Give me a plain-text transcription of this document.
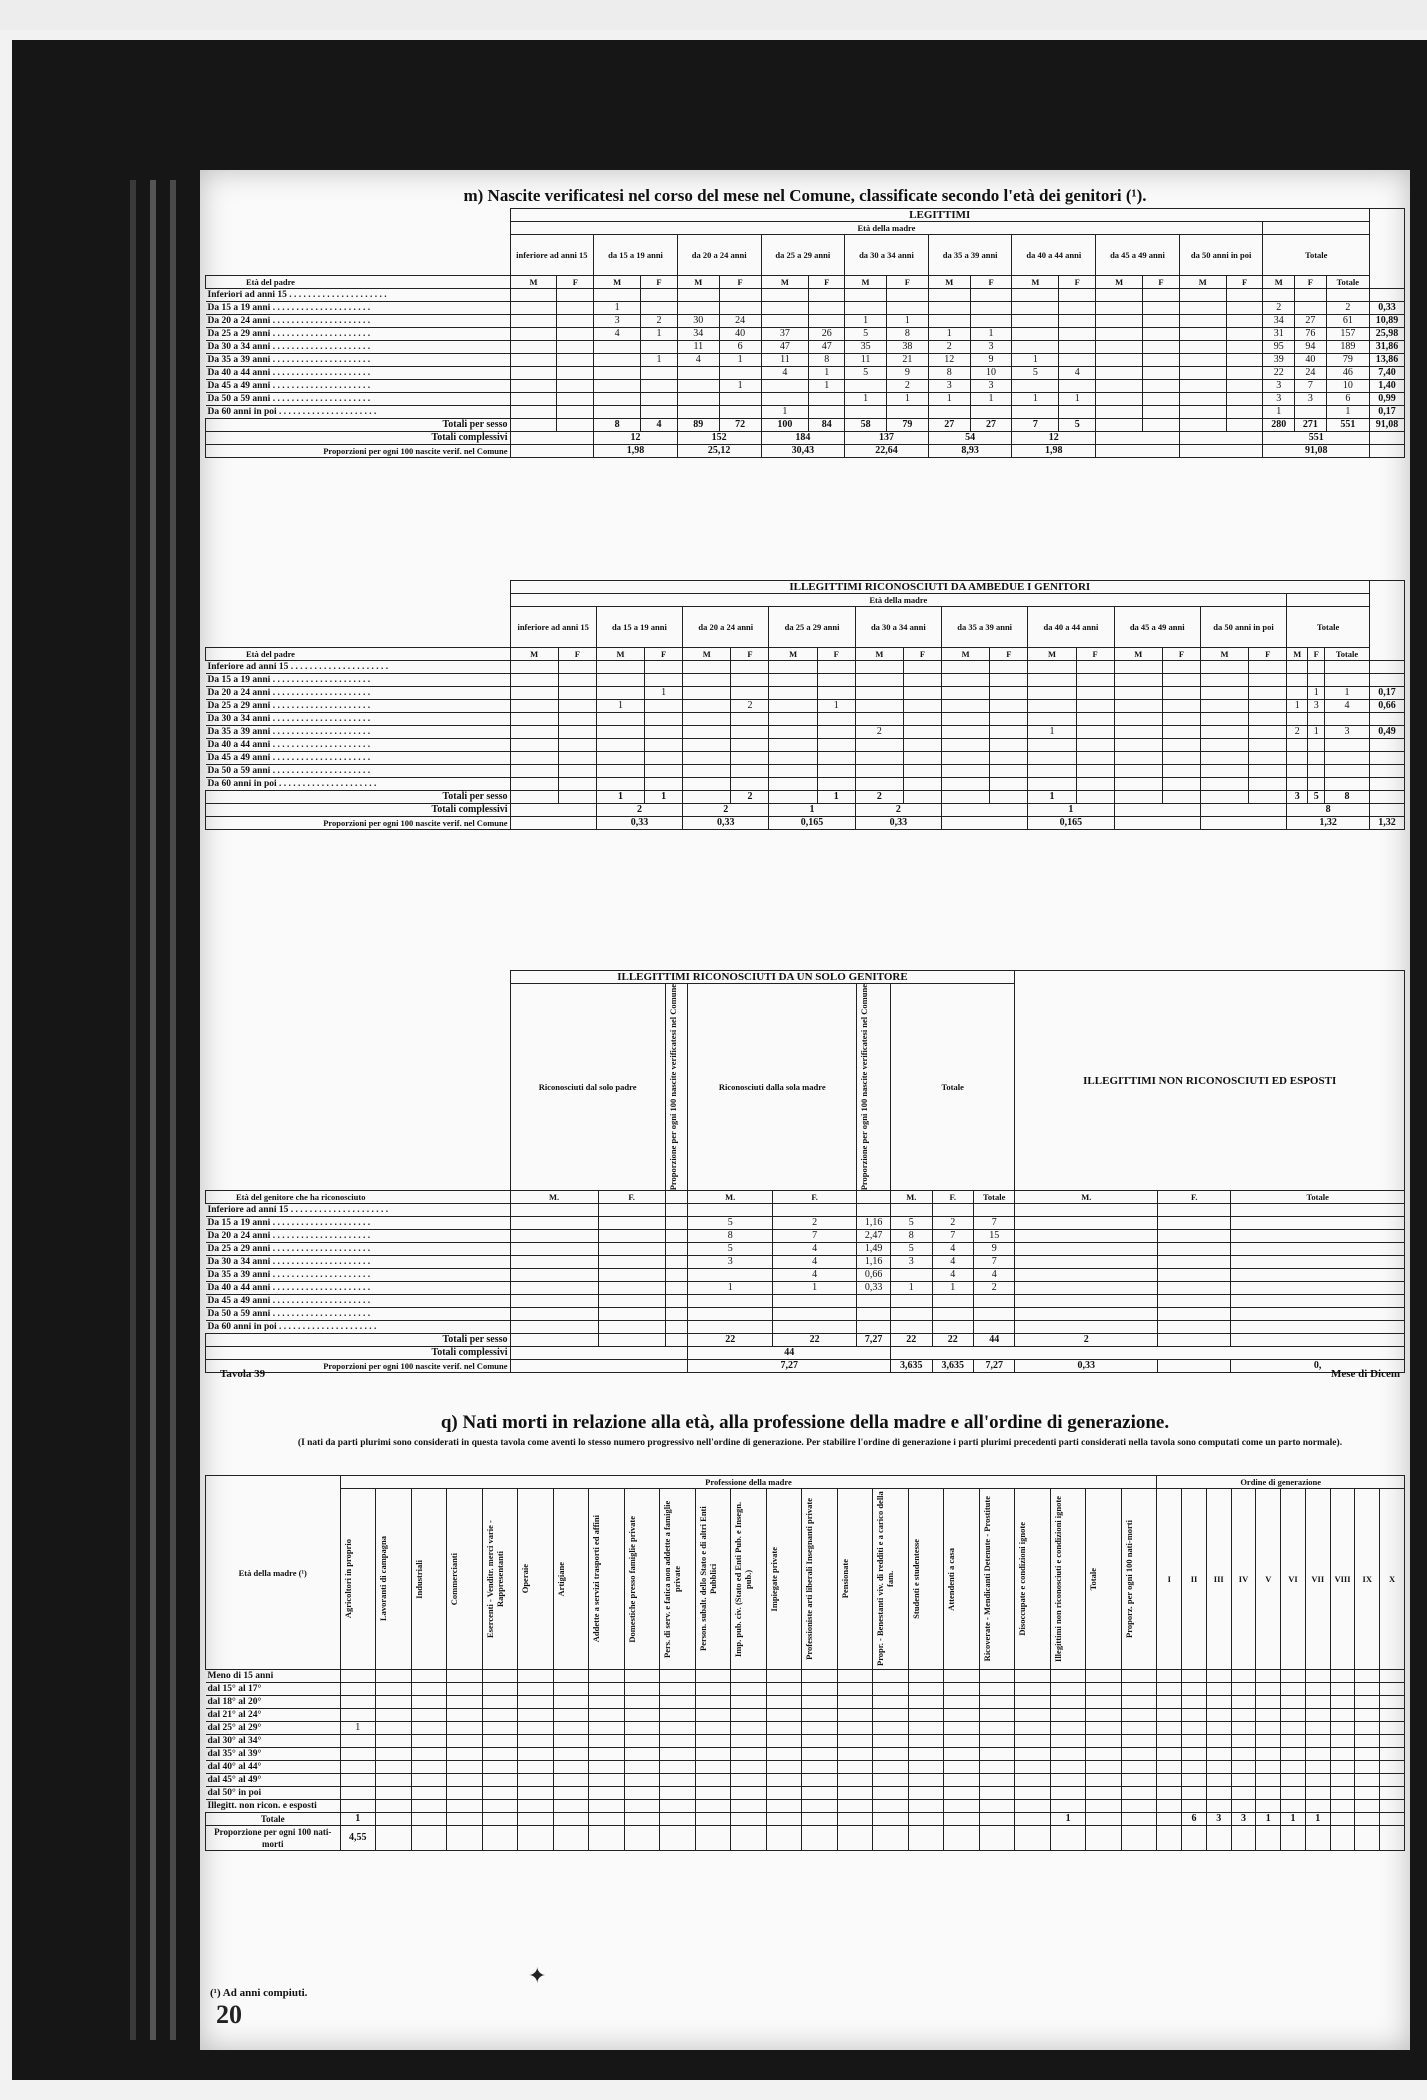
m) Nascite verificatesi nel corso del mese nel Comune, classificate secondo l'età dei genitori (¹).
	LEGITTIMI																					
	Età della madre																					
	inferiore ad anni 15		da 15 a 19 anni		da 20 a 24 anni		da 25 a 29 anni		da 30 a 34 anni		da 35 a 39 anni		da 40 a 44 anni		da 45 a 49 anni		da 50 anni in poi		Totale			
Età del padre	M	F	M	F	M	F	M	F	M	F	M	F	M	F	M	F	M	F	M	F	Totale	
Inferiori ad anni 15 . . . . . . . . . . . . . . . . . . . . .																						
Da 15 a 19 anni . . . . . . . . . . . . . . . . . . . . .			1																2		2	0,33
Da 20 a 24 anni . . . . . . . . . . . . . . . . . . . . .			3	2	30	24			1	1									34	27	61	10,89
Da 25 a 29 anni . . . . . . . . . . . . . . . . . . . . .			4	1	34	40	37	26	5	8	1	1							31	76	157	25,98
Da 30 a 34 anni . . . . . . . . . . . . . . . . . . . . .					11	6	47	47	35	38	2	3							95	94	189	31,86
Da 35 a 39 anni . . . . . . . . . . . . . . . . . . . . .				1	4	1	11	8	11	21	12	9	1						39	40	79	13,86
Da 40 a 44 anni . . . . . . . . . . . . . . . . . . . . .							4	1	5	9	8	10	5	4					22	24	46	7,40
Da 45 a 49 anni . . . . . . . . . . . . . . . . . . . . .						1		1		2	3	3							3	7	10	1,40
Da 50 a 59 anni . . . . . . . . . . . . . . . . . . . . .									1	1	1	1	1	1					3	3	6	0,99
Da 60 anni in poi . . . . . . . . . . . . . . . . . . . . .							1												1		1	0,17
Totali per sesso			8	4	89	72	100	84	58	79	27	27	7	5					280	271	551	91,08
Totali complessivi			12		152		184		137		54		12						551			
Proporzioni per ogni 100 nascite verif. nel Comune			1,98		25,12		30,43		22,64		8,93		1,98						91,08			
	ILLEGITTIMI RICONOSCIUTI DA AMBEDUE I GENITORI																					
	Età della madre																					
	inferiore ad anni 15		da 15 a 19 anni		da 20 a 24 anni		da 25 a 29 anni		da 30 a 34 anni		da 35 a 39 anni		da 40 a 44 anni		da 45 a 49 anni		da 50 anni in poi		Totale			
Età del padre	M	F	M	F	M	F	M	F	M	F	M	F	M	F	M	F	M	F	M	F	Totale	
Inferiore ad anni 15 . . . . . . . . . . . . . . . . . . . . .																						
Da 15 a 19 anni . . . . . . . . . . . . . . . . . . . . .																						
Da 20 a 24 anni . . . . . . . . . . . . . . . . . . . . .				1																1	1	0,17
Da 25 a 29 anni . . . . . . . . . . . . . . . . . . . . .			1			2		1											1	3	4	0,66
Da 30 a 34 anni . . . . . . . . . . . . . . . . . . . . .																						
Da 35 a 39 anni . . . . . . . . . . . . . . . . . . . . .									2				1						2	1	3	0,49
Da 40 a 44 anni . . . . . . . . . . . . . . . . . . . . .																						
Da 45 a 49 anni . . . . . . . . . . . . . . . . . . . . .																						
Da 50 a 59 anni . . . . . . . . . . . . . . . . . . . . .																						
Da 60 anni in poi . . . . . . . . . . . . . . . . . . . . .																						
Totali per sesso			1	1		2		1	2				1						3	5	8	
Totali complessivi			2		2		1		2				1						8			
Proporzioni per ogni 100 nascite verif. nel Comune			0,33		0,33		0,165		0,33				0,165						1,32			1,32
	ILLEGITTIMI RICONOSCIUTI DA UN SOLO GENITORE									ILLEGITTIMI NON RICONOSCIUTI ED ESPOSTI		
	Riconosciuti dal solo padre		Proporzione per ogni 100 nascite verificatesi nel Comune	Riconosciuti dalla sola madre		Proporzione per ogni 100 nascite verificatesi nel Comune	Totale					
Età del genitore che ha riconosciuto	M.	F.		M.	F.		M.	F.	Totale	M.	F.	Totale
Inferiore ad anni 15 . . . . . . . . . . . . . . . . . . . . .												
Da 15 a 19 anni . . . . . . . . . . . . . . . . . . . . .				5	2	1,16	5	2	7			
Da 20 a 24 anni . . . . . . . . . . . . . . . . . . . . .				8	7	2,47	8	7	15			
Da 25 a 29 anni . . . . . . . . . . . . . . . . . . . . .				5	4	1,49	5	4	9			
Da 30 a 34 anni . . . . . . . . . . . . . . . . . . . . .				3	4	1,16	3	4	7			
Da 35 a 39 anni . . . . . . . . . . . . . . . . . . . . .					4	0,66		4	4			
Da 40 a 44 anni . . . . . . . . . . . . . . . . . . . . .				1	1	0,33	1	1	2			
Da 45 a 49 anni . . . . . . . . . . . . . . . . . . . . .												
Da 50 a 59 anni . . . . . . . . . . . . . . . . . . . . .												
Da 60 anni in poi . . . . . . . . . . . . . . . . . . . . .												
Totali per sesso				22	22	7,27	22	22	44	2		
Totali complessivi				44								
Proporzioni per ogni 100 nascite verif. nel Comune				7,27			3,635	3,635	7,27	0,33		0,
Tavola 39	Mese di Dicem
q) Nati morti in relazione alla età, alla professione della madre e all'ordine di generazione.
(I nati da parti plurimi sono considerati in questa tavola come aventi lo stesso numero progressivo nell'ordine di generazione. Per stabilire l'ordine di generazione i parti plurimi precedenti parti considerati nella tavola sono computati come un parto normale).
Età della madre (¹)	Professione della madre																							Ordine di generazione									

	Agricoltori in proprio	Lavoranti di campagna	Industriali	Commercianti	Esercenti - Venditr. merci varie - Rappresentanti	Operaie	Artigiane	Addette a servizi trasporti ed affini	Domestiche presso famiglie private	Pers. di serv. e fatica non addette a famiglie private	Person. subalt. dello Stato e di altri Enti Pubblici	Imp. pub. civ. (Stato ed Enti Pub. e Insegn. pub.)	Impiegate private	Professioniste arti liberali Insegnanti private	Pensionate	Propr. - Benestanti viv. di redditi e a carico della fam.	Studenti e studentesse	Attendenti a casa	Ricoverate - Mendicanti Detenute - Prostitute	Disoccupate e condizioni ignote	Illegittimi non riconosciuti e condizioni ignote	Totale	Proporz. per ogni 100 nati-morti	I	II	III	IV	V	VI	VII	VIII	IX	X
Meno di 15 anni																																	
dal 15° al 17°																																	
dal 18° al 20°																																	
dal 21° al 24°																																	
dal 25° al 29°	1																																
dal 30° al 34°																																	
dal 35° al 39°																																	
dal 40° al 44°																																	
dal 45° al 49°																																	
dal 50° in poi																																	
Illegitt. non ricon. e esposti																																	
Totale	1																				1				6	3	3	1	1	1			
Proporzione per ogni 100 nati-morti	4,55																																
(¹) Ad anni compiuti.
20
✦
